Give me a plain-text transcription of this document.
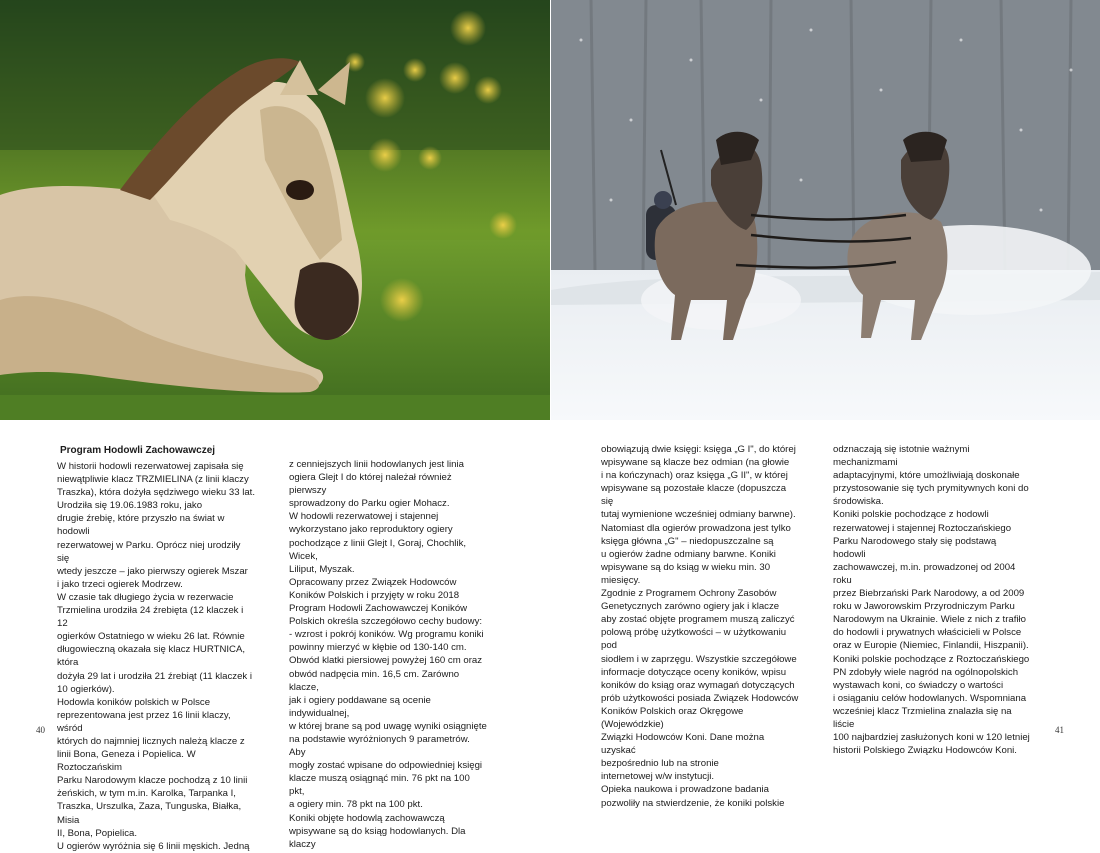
Program Hodowli Zachowawczej

W historii hodowli rezerwatowej zapisała się
niewątpliwie klacz TRZMIELINA (z linii klaczy
Traszka), która dożyła sędziwego wieku 33 lat.
Urodziła się 19.06.1983 roku, jako
drugie źrebię, które przyszło na świat w hodowli
rezerwatowej w Parku. Oprócz niej urodziły się
wtedy jeszcze – jako pierwszy ogierek Mszar
i jako trzeci ogierek Modrzew.
W czasie tak długiego życia w rezerwacie
Trzmielina urodziła 24 źrebięta (12 klaczek i 12
ogierków Ostatniego w wieku 26 lat. Równie
długowieczną okazała się klacz HURTNICA, która
dożyła 29 lat i urodziła 21 źrebiąt (11 klaczek i
10 ogierków).
Hodowla koników polskich w Polsce
reprezentowana jest przez 16 linii klaczy, wśród
których do najmniej licznych należą klacze z
linii Bona, Geneza i Popielica. W Roztoczańskim
Parku Narodowym klacze pochodzą z 10 linii
żeńskich, w tym m.in. Karolka, Tarpanka I,
Traszka, Urszulka, Zaza, Tunguska, Białka, Misia
II, Bona, Popielica.
U ogierów wyróżnia się 6 linii męskich. Jedną

z cenniejszych linii hodowlanych jest linia
ogiera Glejt I do której należał również pierwszy
sprowadzony do Parku ogier Mohacz.
W hodowli rezerwatowej i stajennej
wykorzystano jako reproduktory ogiery
pochodzące z linii Glejt I, Goraj, Chochlik, Wicek,
Liliput, Myszak.
Opracowany przez Związek Hodowców
Koników Polskich i przyjęty w roku 2018
Program Hodowli Zachowawczej Koników
Polskich określa szczegółowo cechy budowy:
- wzrost i pokrój koników. Wg programu koniki
powinny mierzyć w kłębie od 130-140 cm.
Obwód klatki piersiowej powyżej 160 cm oraz
obwód nadpęcia min. 16,5 cm. Zarówno klacze,
jak i ogiery poddawane są ocenie indywidualnej,
w której brane są pod uwagę wyniki osiągnięte
na podstawie wyróżnionych 9 parametrów. Aby
mogły zostać wpisane do odpowiedniej księgi
klacze muszą osiągnąć min. 76 pkt na 100 pkt,
a ogiery min. 78 pkt na 100 pkt.
Koniki objęte hodowlą zachowawczą
wpisywane są do ksiąg hodowlanych. Dla klaczy

obowiązują dwie księgi: księga „G I", do której
wpisywane są klacze bez odmian (na głowie
i na kończynach) oraz księga „G II", w której
wpisywane są pozostałe klacze (dopuszcza się
tutaj wymienione wcześniej odmiany barwne).
Natomiast dla ogierów prowadzona jest tylko
księga główna „G" – niedopuszczalne są
u ogierów żadne odmiany barwne. Koniki
wpisywane są do ksiąg w wieku min. 30
miesięcy.
Zgodnie z Programem Ochrony Zasobów
Genetycznych zarówno ogiery jak i klacze
aby zostać objęte programem muszą zaliczyć
polową próbę użytkowości – w użytkowaniu pod
siodłem i w zaprzęgu. Wszystkie szczegółowe
informacje dotyczące oceny koników, wpisu
koników do ksiąg oraz wymagań dotyczących
prób użytkowości posiada Związek Hodowców
Koników Polskich oraz Okręgowe (Wojewódzkie)
Związki Hodowców Koni. Dane można uzyskać
bezpośrednio lub na stronie
internetowej w/w instytucji.
Opieka naukowa i prowadzone badania
pozwoliły na stwierdzenie, że koniki polskie

odznaczają się istotnie ważnymi mechanizmami
adaptacyjnymi, które umożliwiają doskonałe
przystosowanie się tych prymitywnych koni do
środowiska.
Koniki polskie pochodzące z hodowli
rezerwatowej i stajennej Roztoczańskiego
Parku Narodowego stały się podstawą hodowli
zachowawczej, m.in. prowadzonej od 2004 roku
przez Biebrzański Park Narodowy, a od 2009
roku w Jaworowskim Przyrodniczym Parku
Narodowym na Ukrainie. Wiele z nich z trafiło
do hodowli i prywatnych właścicieli w Polsce
oraz w Europie (Niemiec, Finlandii, Hiszpanii).
Koniki polskie pochodzące z Roztoczańskiego
PN zdobyły wiele nagród na ogólnopolskich
wystawach koni, co świadczy o wartości
i osiąganiu celów hodowlanych. Wspomniana
wcześniej klacz Trzmielina znalazła się na liście
100 najbardziej zasłużonych koni w 120 letniej
historii Polskiego Związku Hodowców Koni.

40	41
